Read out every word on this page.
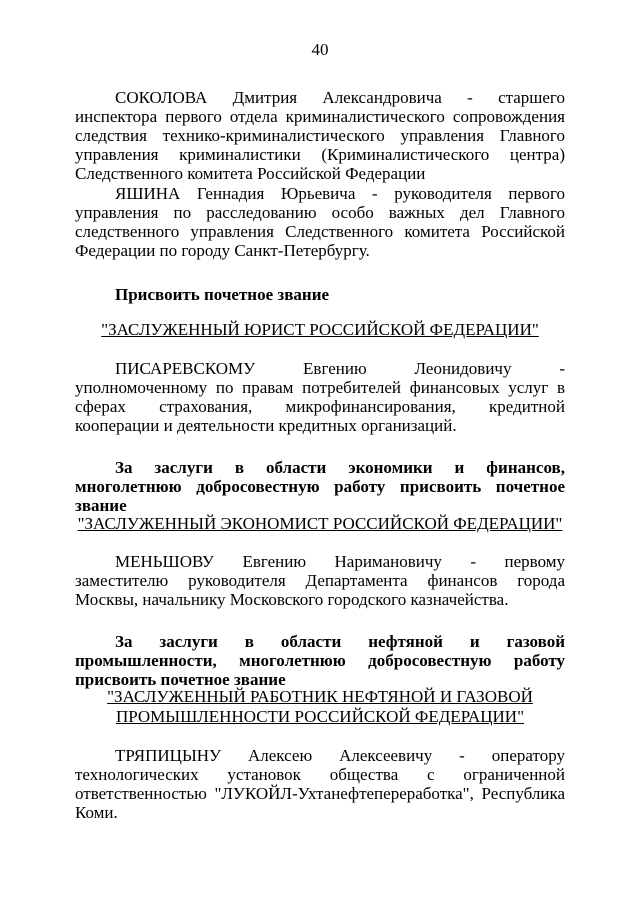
40

СОКОЛОВА Дмитрия Александровича - старшего инспектора первого отдела криминалистического сопровождения следствия технико-криминалистического управления Главного управления криминалистики (Криминалистического центра) Следственного комитета Российской Федерации

ЯШИНА Геннадия Юрьевича - руководителя первого управления по расследованию особо важных дел Главного следственного управления Следственного комитета Российской Федерации по городу Санкт-Петербургу.

Присвоить почетное звание

"ЗАСЛУЖЕННЫЙ ЮРИСТ РОССИЙСКОЙ ФЕДЕРАЦИИ"

ПИСАРЕВСКОМУ Евгению Леонидовичу - уполномоченному по правам потребителей финансовых услуг в сферах страхования, микрофинансирования, кредитной кооперации и деятельности кредитных организаций.

За заслуги в области экономики и финансов, многолетнюю добросовестную работу присвоить почетное звание

"ЗАСЛУЖЕННЫЙ ЭКОНОМИСТ РОССИЙСКОЙ ФЕДЕРАЦИИ"

МЕНЬШОВУ Евгению Наримановичу - первому заместителю руководителя Департамента финансов города Москвы, начальнику Московского городского казначейства.

За заслуги в области нефтяной и газовой промышленности, многолетнюю добросовестную работу присвоить почетное звание

"ЗАСЛУЖЕННЫЙ РАБОТНИК НЕФТЯНОЙ И ГАЗОВОЙ
ПРОМЫШЛЕННОСТИ РОССИЙСКОЙ ФЕДЕРАЦИИ"

ТРЯПИЦЫНУ Алексею Алексеевичу - оператору технологических установок общества с ограниченной ответственностью "ЛУКОЙЛ-Ухтанефтепереработка", Республика Коми.
